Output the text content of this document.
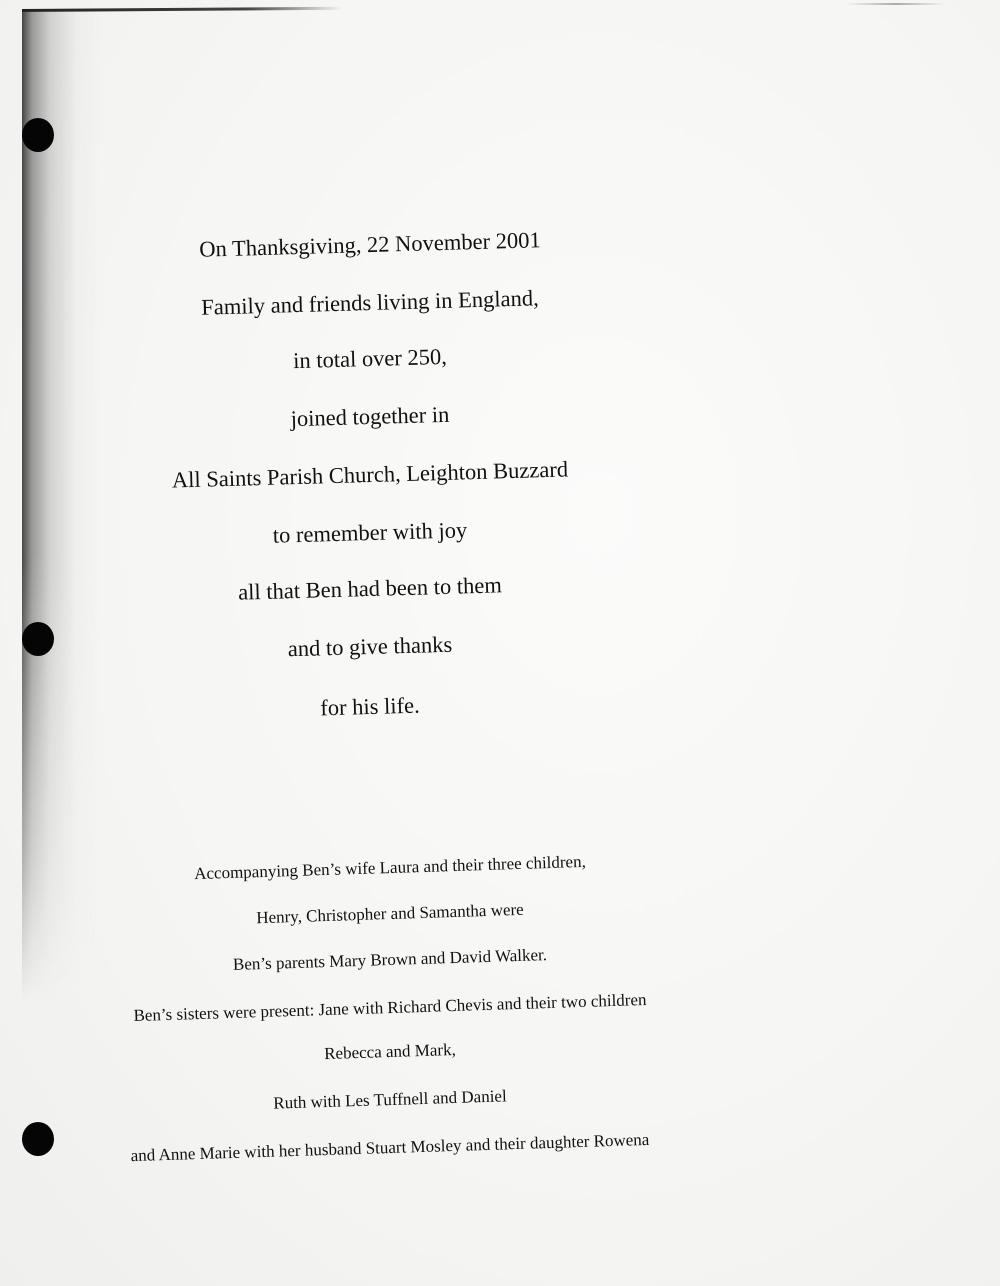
On Thanksgiving, 22 November 2001
Family and friends living in England,
in total over 250,
joined together in
All Saints Parish Church, Leighton Buzzard
to remember with joy
all that Ben had been to them
and to give thanks
for his life.
Accompanying Ben’s wife Laura and their three children,
Henry, Christopher and Samantha were
Ben’s parents Mary Brown and David Walker.
Ben’s sisters were present: Jane with Richard Chevis and their two children
Rebecca and Mark,
Ruth with Les Tuffnell and Daniel
and Anne Marie with her husband Stuart Mosley and their daughter Rowena
